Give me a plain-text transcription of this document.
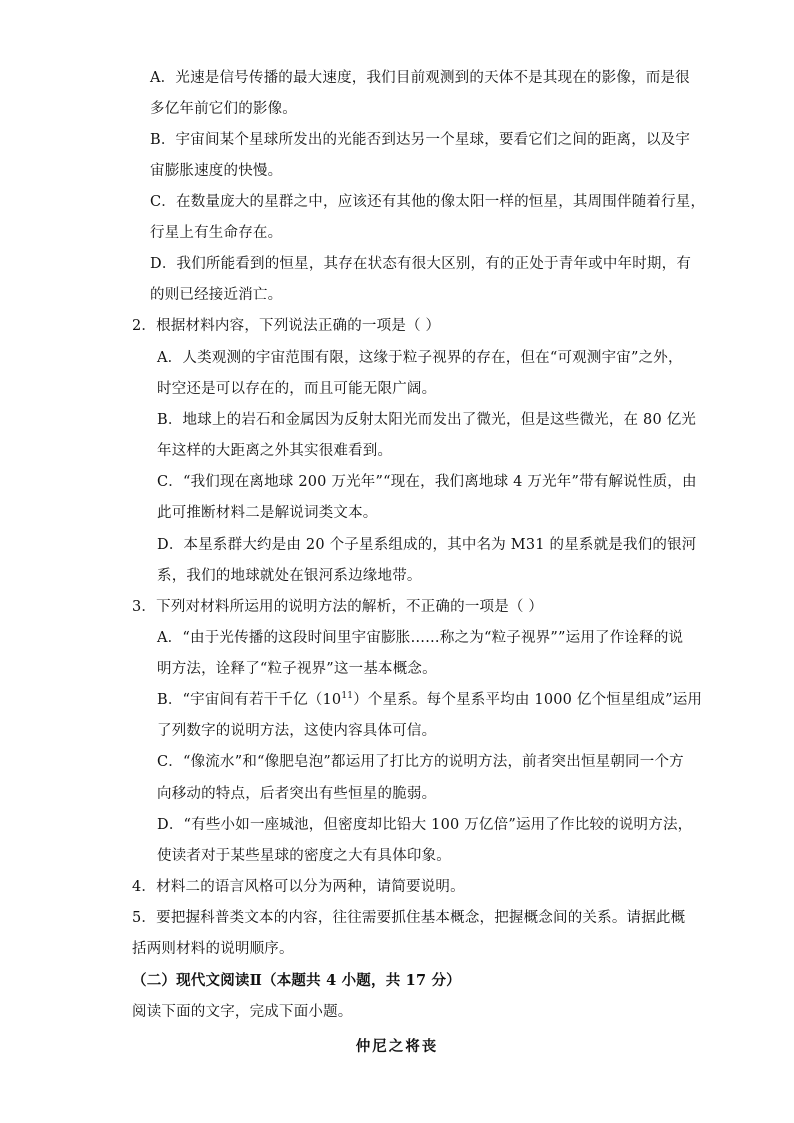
A．光速是信号传播的最大速度，我们目前观测到的天体不是其现在的影像，而是很
多亿年前它们的影像。
B．宇宙间某个星球所发出的光能否到达另一个星球，要看它们之间的距离，以及宇
宙膨胀速度的快慢。
C．在数量庞大的星群之中，应该还有其他的像太阳一样的恒星，其周围伴随着行星，
行星上有生命存在。
D．我们所能看到的恒星，其存在状态有很大区别，有的正处于青年或中年时期，有
的则已经接近消亡。
2．根据材料内容，下列说法正确的一项是（ ）
A．人类观测的宇宙范围有限，这缘于粒子视界的存在，但在“可观测宇宙”之外，
时空还是可以存在的，而且可能无限广阔。
B．地球上的岩石和金属因为反射太阳光而发出了微光，但是这些微光，在 80 亿光
年这样的大距离之外其实很难看到。
C．“我们现在离地球 200 万光年”“现在，我们离地球 4 万光年”带有解说性质，由
此可推断材料二是解说词类文本。
D．本星系群大约是由 20 个子星系组成的，其中名为 M31 的星系就是我们的银河
系，我们的地球就处在银河系边缘地带。
3．下列对材料所运用的说明方法的解析，不正确的一项是（ ）
A．“由于光传播的这段时间里宇宙膨胀……称之为“粒子视界””运用了作诠释的说
明方法，诠释了“粒子视界”这一基本概念。
B．“宇宙间有若干千亿$(10^{11})$个星系。每个星系平均由 1000 亿个恒星组成”运用
了列数字的说明方法，这使内容具体可信。
C．“像流水”和“像肥皂泡”都运用了打比方的说明方法，前者突出恒星朝同一个方
向移动的特点，后者突出有些恒星的脆弱。
D．“有些小如一座城池，但密度却比铅大 100 万亿倍”运用了作比较的说明方法，
使读者对于某些星球的密度之大有具体印象。
4．材料二的语言风格可以分为两种，请简要说明。
5．要把握科普类文本的内容，往往需要抓住基本概念，把握概念间的关系。请据此概
括两则材料的说明顺序。
（二）现代文阅读Ⅱ（本题共 4 小题，共 17 分）
阅读下面的文字，完成下面小题。
仲尼之将丧
